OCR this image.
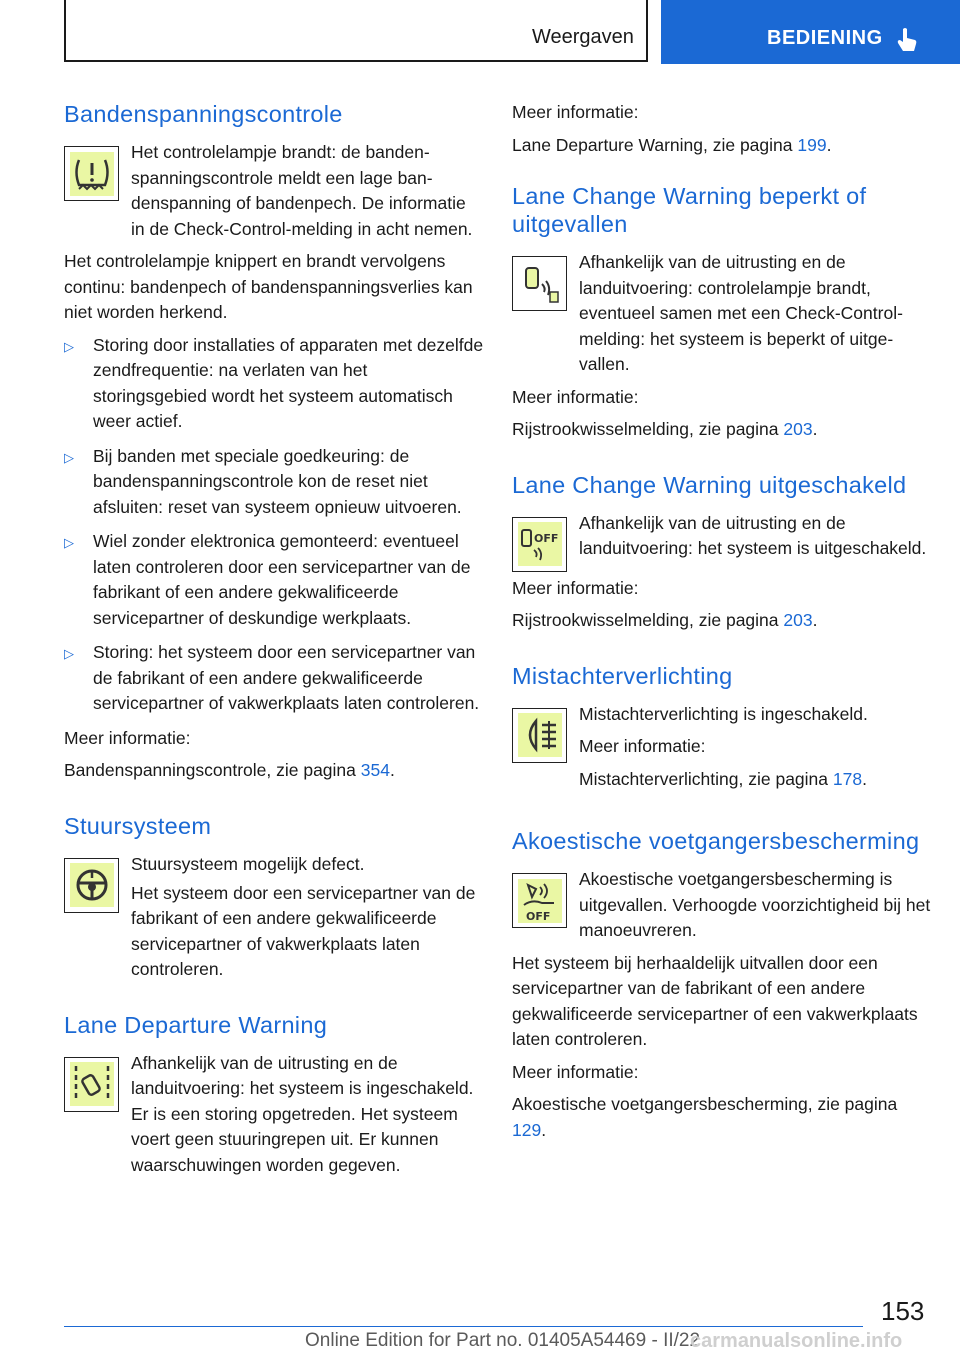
Weergaven	BEDIENING
Bandenspanningscontrole

Het controlelampje brandt: de bandenspanningscontrole meldt een lage bandenspanning of bandenpech. De informatie in de Check-Control-melding in acht nemen.

Het controlelampje knippert en brandt vervolgens continu: bandenpech of bandenspanningsverlies kan niet worden herkend.

▷	Storing door installaties of apparaten met dezelfde zendfrequentie: na verlaten van het storingsgebied wordt het systeem automatisch weer actief.
▷	Bij banden met speciale goedkeuring: de bandenspanningscontrole kon de reset niet afsluiten: reset van systeem opnieuw uitvoeren.
▷	Wiel zonder elektronica gemonteerd: eventueel laten controleren door een servicepartner van de fabrikant of een andere gekwalificeerde servicepartner of deskundige werkplaats.
▷	Storing: het systeem door een servicepartner van de fabrikant of een andere gekwalificeerde servicepartner of vakwerkplaats laten controleren.

Meer informatie:

Bandenspanningscontrole, zie pagina 354.

Stuursysteem

Stuursysteem mogelijk defect.

Het systeem door een servicepartner van de fabrikant of een andere gekwalificeerde servicepartner of vakwerkplaats laten controleren.

Lane Departure Warning

Afhankelijk van de uitrusting en de landuitvoering: het systeem is ingeschakeld. Er is een storing opgetreden. Het systeem voert geen stuuringrepen uit. Er kunnen waarschuwingen worden gegeven.

Meer informatie:

Lane Departure Warning, zie pagina 199.

Lane Change Warning beperkt of uitgevallen

Afhankelijk van de uitrusting en de landuitvoering: controlelampje brandt, eventueel samen met een Check-Control-melding: het systeem is beperkt of uitgevallen.

Meer informatie:

Rijstrookwisselmelding, zie pagina 203.

Lane Change Warning uitgeschakeld
OFF

Afhankelijk van de uitrusting en de landuitvoering: het systeem is uitgeschakeld.

Meer informatie:

Rijstrookwisselmelding, zie pagina 203.

Mistachterverlichting

Mistachterverlichting is ingeschakeld.

Meer informatie:

Mistachterverlichting, zie pagina 178.

Akoestische voetgangersbescherming
OFF

Akoestische voetgangersbescherming is uitgevallen. Verhoogde voorzichtigheid bij het manoeuvreren.

Het systeem bij herhaaldelijk uitvallen door een servicepartner van de fabrikant of een andere gekwalificeerde servicepartner of een vakwerkplaats laten controleren.

Meer informatie:

Akoestische voetgangersbescherming, zie pagina 129.

153
Online Edition for Part no. 01405A54469 - II/22
carmanualsonline.info
